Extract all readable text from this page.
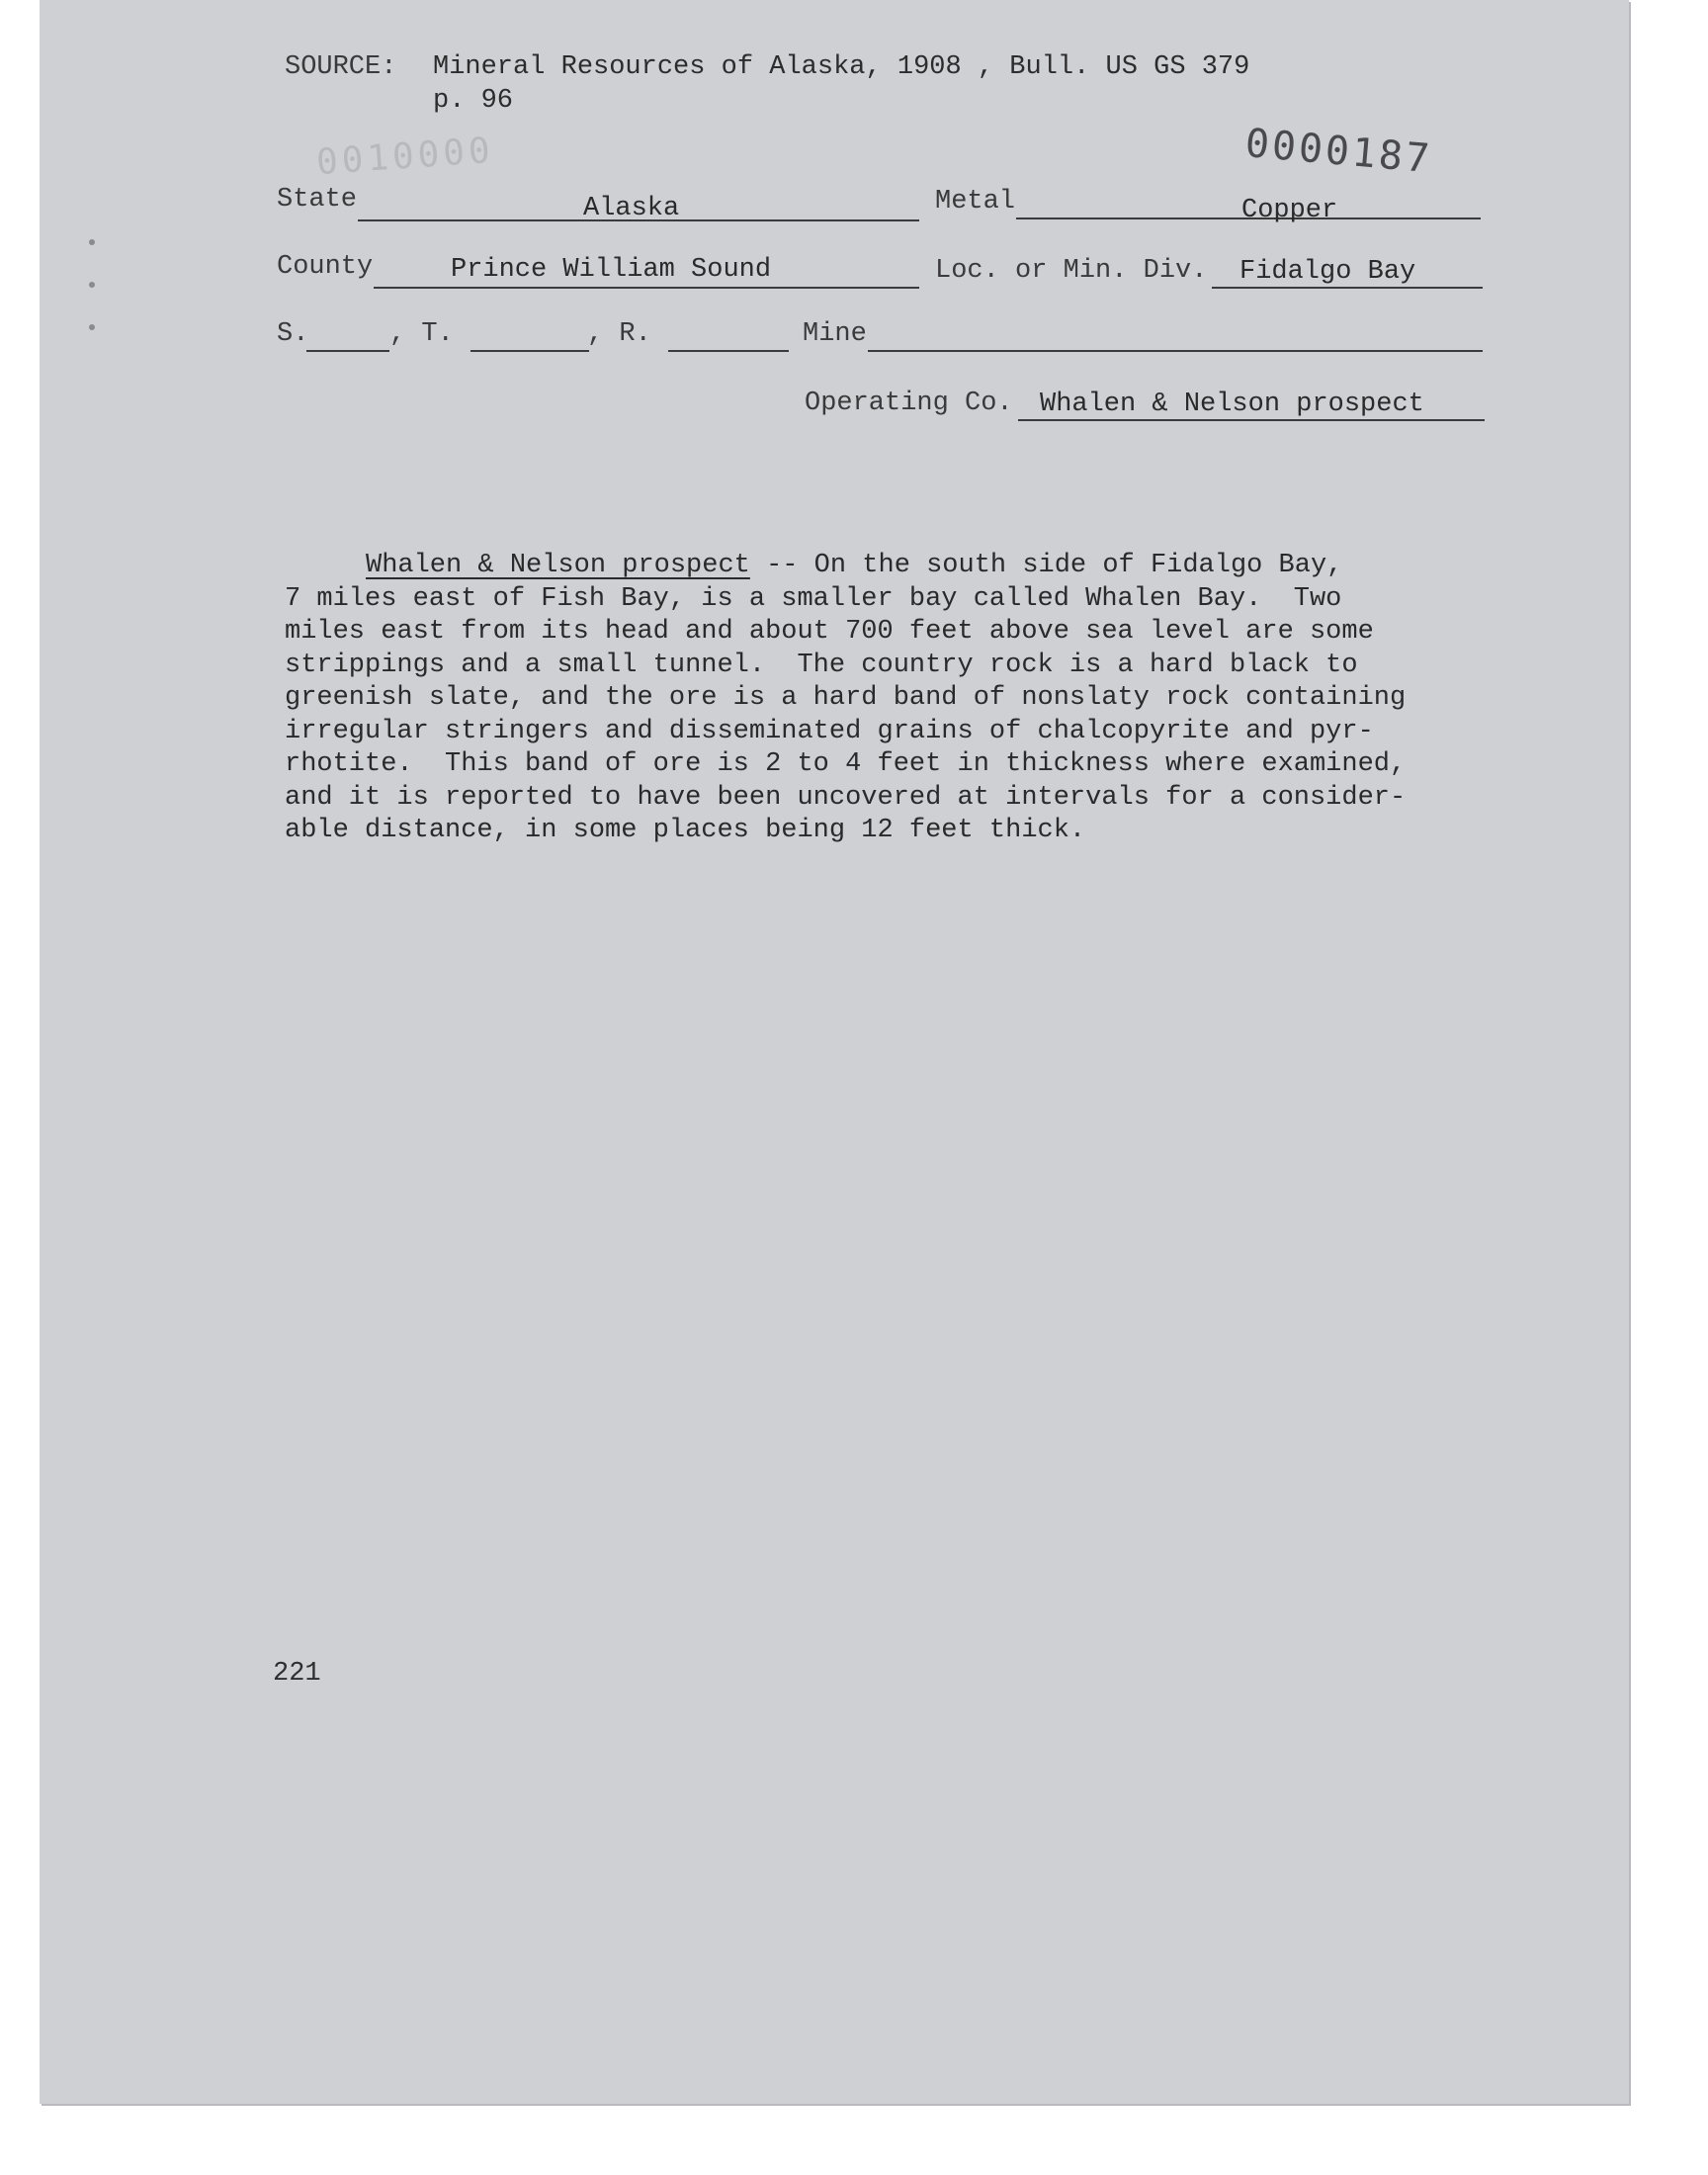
SOURCE: Mineral Resources of Alaska, 1908 , Bull. US GS 379
p. 96
0010000	0000187
State	Alaska	Metal	Copper
County	Prince William Sound	Loc. or Min. Div. Fidalgo Bay
S.	, T.	, R.	Mine
Operating Co. Whalen & Nelson prospect
Whalen & Nelson prospect -- On the south side of Fidalgo Bay,
7 miles east of Fish Bay, is a smaller bay called Whalen Bay.  Two
miles east from its head and about 700 feet above sea level are some
strippings and a small tunnel.  The country rock is a hard black to
greenish slate, and the ore is a hard band of nonslaty rock containing
irregular stringers and disseminated grains of chalcopyrite and pyr-
rhotite.  This band of ore is 2 to 4 feet in thickness where examined,
and it is reported to have been uncovered at intervals for a consider-
able distance, in some places being 12 feet thick.
221
